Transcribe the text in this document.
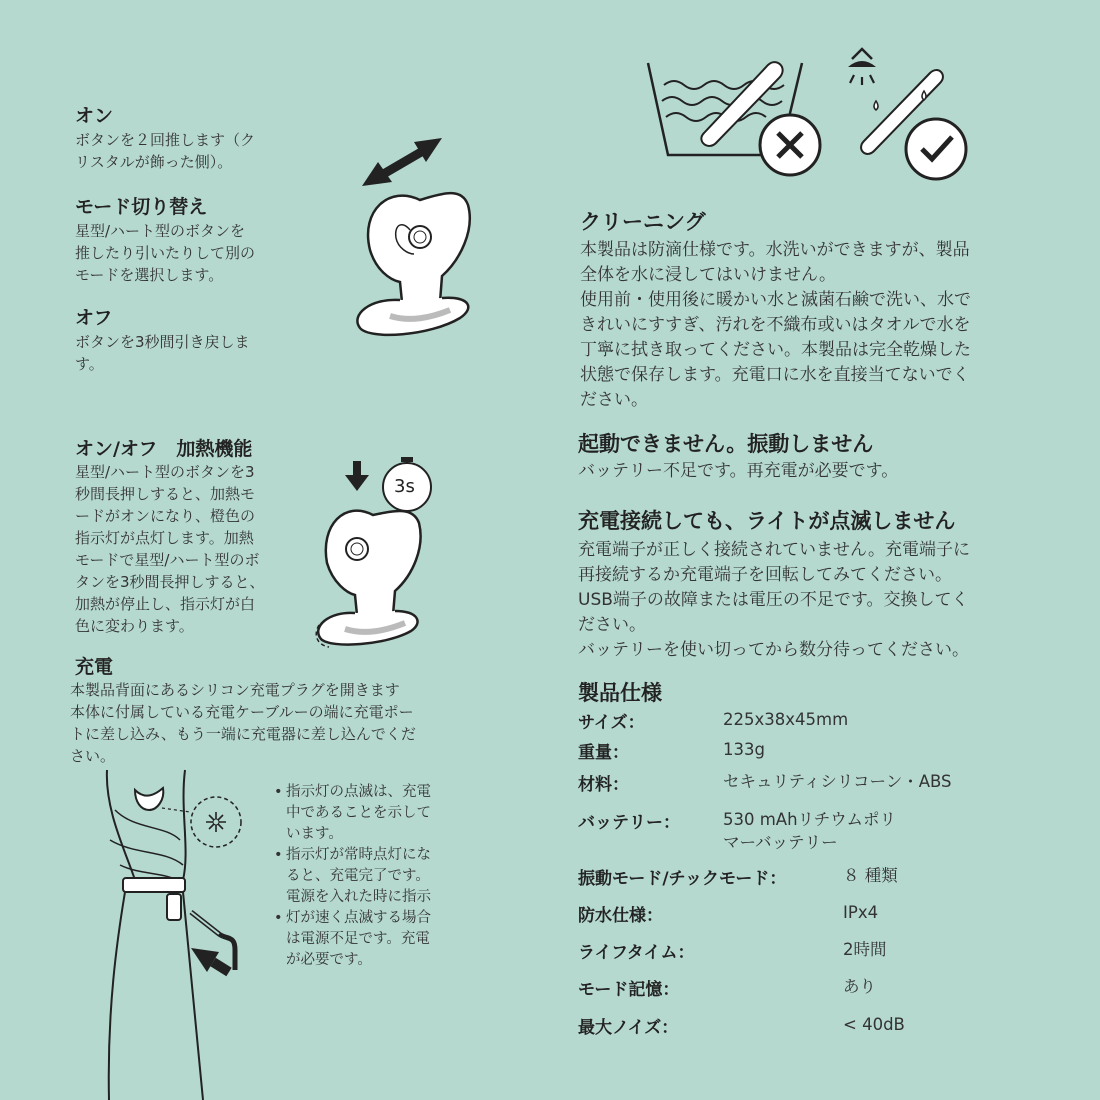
オン
ボタンを２回推します（ク
リスタルが飾った側）。
モード切り替え
星型/ハート型のボタンを
推したり引いたりして別の
モードを選択します。
オフ
ボタンを3秒間引き戻しま
す。
オン/オフ　加熱機能
星型/ハート型のボタンを3
秒間長押しすると、加熱モ
ードがオンになり、橙色の
指示灯が点灯します。加熱
モードで星型/ハート型のボ
タンを3秒間長押しすると、
加熱が停止し、指示灯が白
色に変わります。
3s
充電
本製品背面にあるシリコン充電プラグを開きます
本体に付属している充電ケーブルーの端に充電ポー
トに差し込み、もう一端に充電器に差し込んでくだ
さい。
• 指示灯の点滅は、充電
中であることを示して
います。
• 指示灯が常時点灯にな
ると、充電完了です。
電源を入れた時に指示
• 灯が速く点滅する場合
は電源不足です。充電
が必要です。
クリーニング
本製品は防滴仕様です。水洗いができますが、製品
全体を水に浸してはいけません。
使用前・使用後に暖かい水と滅菌石鹸で洗い、水で
きれいにすすぎ、汚れを不織布或いはタオルで水を
丁寧に拭き取ってください。本製品は完全乾燥した
状態で保存します。充電口に水を直接当てないでく
ださい。
起動できません。振動しません
バッテリー不足です。再充電が必要です。
充電接続しても、ライトが点滅しません
充電端子が正しく接続されていません。充電端子に
再接続するか充電端子を回転してみてください。
USB端子の故障または電圧の不足です。交換してく
ださい。
バッテリーを使い切ってから数分待ってください。
製品仕様
サイズ：	225x38x45mm
重量：	133g
材料：	セキュリティシリコーン・ABS
バッテリー：	530 mAhリチウムポリ
マーバッテリー
振動モード/チックモード：	８ 種類
防水仕様：	IPx4
ライフタイム：	2時間
モード記憶：	あり
最大ノイズ：	< 40dB
